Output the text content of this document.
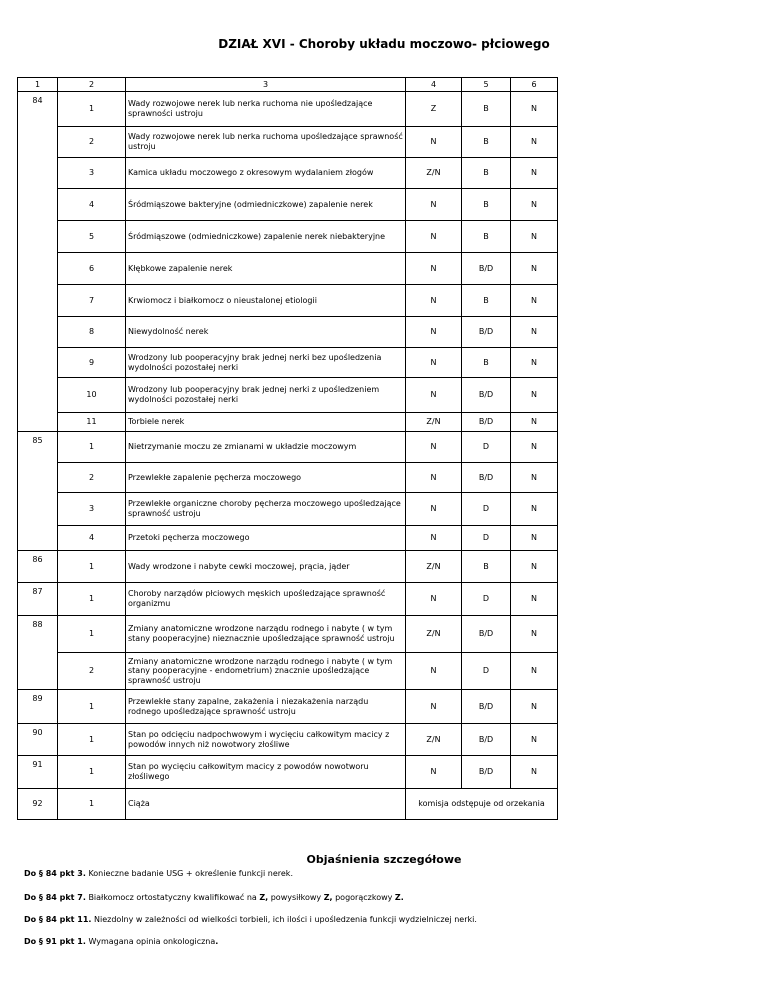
DZIAŁ XVI - Choroby układu moczowo- płciowego
1	2	3	4	5	6
84	1	Wady rozwojowe nerek lub nerka ruchoma nie upośledzające sprawności ustroju	Z	B	N
	2	Wady rozwojowe nerek lub nerka ruchoma upośledzające sprawność ustroju	N	B	N
	3	Kamica układu moczowego z okresowym wydalaniem złogów	Z/N	B	N
	4	Śródmiąszowe bakteryjne (odmiedniczkowe) zapalenie nerek	N	B	N
	5	Śródmiąszowe (odmiedniczkowe) zapalenie nerek niebakteryjne	N	B	N
	6	Kłębkowe zapalenie nerek	N	B/D	N
	7	Krwiomocz i białkomocz o nieustalonej etiologii	N	B	N
	8	Niewydolność nerek	N	B/D	N
	9	Wrodzony lub pooperacyjny brak jednej nerki bez upośledzenia wydolności pozostałej nerki	N	B	N
	10	Wrodzony lub pooperacyjny brak jednej nerki z upośledzeniem wydolności pozostałej nerki	N	B/D	N
	11	Torbiele nerek	Z/N	B/D	N
85	1	Nietrzymanie moczu ze zmianami w układzie moczowym	N	D	N
	2	Przewlekłe zapalenie pęcherza moczowego	N	B/D	N
	3	Przewlekłe organiczne choroby pęcherza moczowego upośledzające sprawność ustroju	N	D	N
	4	Przetoki pęcherza moczowego	N	D	N
86	1	Wady wrodzone i nabyte cewki moczowej, prącia, jąder	Z/N	B	N
87	1	Choroby narządów płciowych męskich upośledzające sprawność organizmu	N	D	N
88	1	Zmiany anatomiczne wrodzone narządu rodnego i nabyte ( w tym stany pooperacyjne) nieznacznie upośledzające sprawność ustroju	Z/N	B/D	N
	2	Zmiany anatomiczne wrodzone narządu rodnego i nabyte ( w tym stany pooperacyjne - endometrium) znacznie upośledzające sprawność ustroju	N	D	N
89	1	Przewlekłe stany zapalne, zakażenia i niezakażenia narządu rodnego upośledzające sprawność ustroju	N	B/D	N
90	1	Stan po odcięciu nadpochwowym i wycięciu całkowitym macicy z powodów innych niż nowotwory złośliwe	Z/N	B/D	N
91	1	Stan po wycięciu całkowitym macicy z powodów nowotworu złośliwego	N	B/D	N
92	1	Ciąża	komisja odstępuje od orzekania		
Objaśnienia szczegółowe
Do § 84 pkt 3. Konieczne badanie USG + określenie funkcji nerek.
Do § 84 pkt 7. Białkomocz ortostatyczny kwalifikować na Z, powysiłkowy Z, pogorączkowy Z.
Do § 84 pkt 11. Niezdolny w zależności od wielkości torbieli, ich ilości i upośledzenia funkcji wydzielniczej nerki.
Do § 91 pkt 1. Wymagana opinia onkologiczna.
